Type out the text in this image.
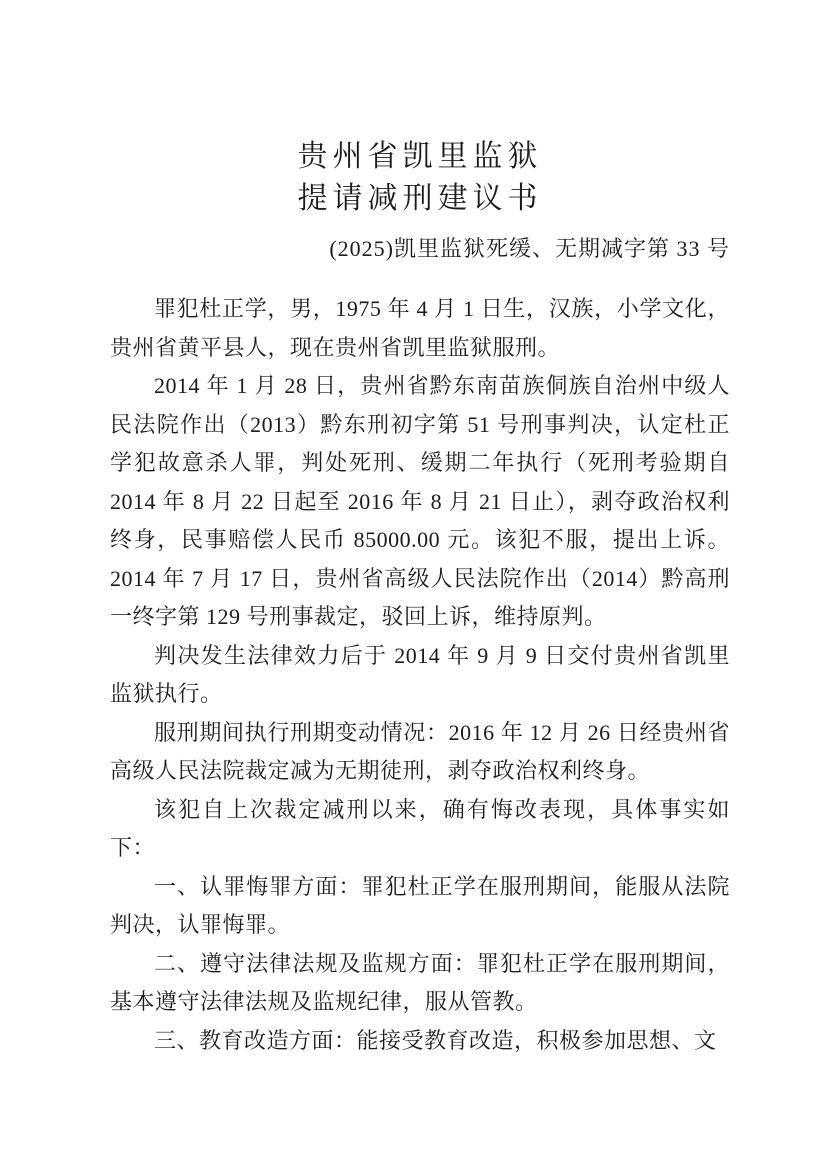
贵州省凯里监狱
提请减刑建议书
(2025)凯里监狱死缓、无期减字第 33 号

罪犯杜正学，男，1975 年 4 月 1 日生，汉族，小学文化，贵州省黄平县人，现在贵州省凯里监狱服刑。

2014 年 1 月 28 日，贵州省黔东南苗族侗族自治州中级人民法院作出（2013）黔东刑初字第 51 号刑事判决，认定杜正学犯故意杀人罪，判处死刑、缓期二年执行（死刑考验期自 2014 年 8 月 22 日起至 2016 年 8 月 21 日止），剥夺政治权利终身，民事赔偿人民币 85000.00 元。该犯不服，提出上诉。2014 年 7 月 17 日，贵州省高级人民法院作出（2014）黔高刑一终字第 129 号刑事裁定，驳回上诉，维持原判。

判决发生法律效力后于 2014 年 9 月 9 日交付贵州省凯里监狱执行。

服刑期间执行刑期变动情况：2016 年 12 月 26 日经贵州省高级人民法院裁定减为无期徒刑，剥夺政治权利终身。

该犯自上次裁定减刑以来，确有悔改表现，具体事实如下：

一、认罪悔罪方面：罪犯杜正学在服刑期间，能服从法院判决，认罪悔罪。

二、遵守法律法规及监规方面：罪犯杜正学在服刑期间，基本遵守法律法规及监规纪律，服从管教。

三、教育改造方面：能接受教育改造，积极参加思想、文
